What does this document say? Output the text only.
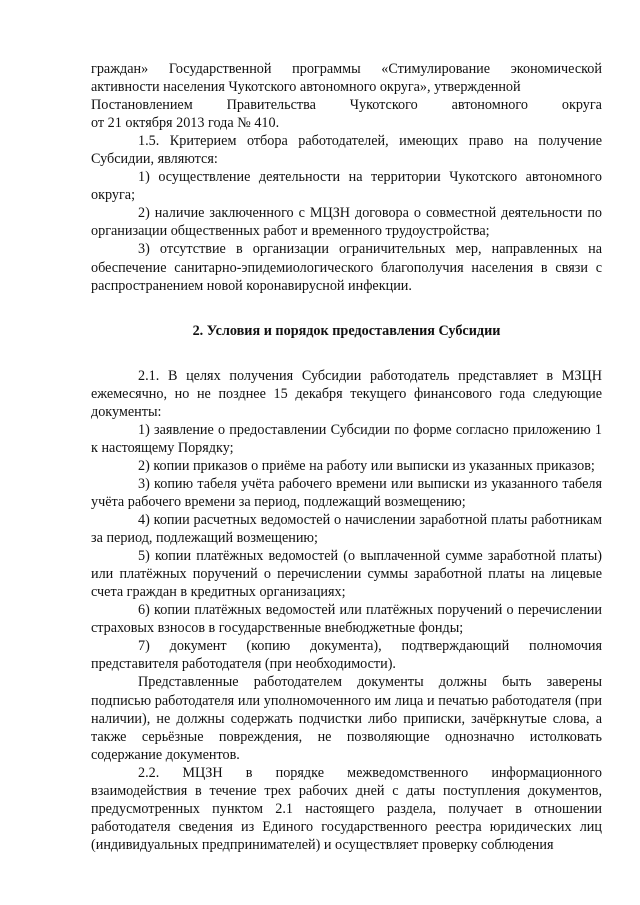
граждан» Государственной программы «Стимулирование экономической активности населения Чукотского автономного округа», утвержденной

Постановлением Правительства Чукотского автономного округа

от 21 октября 2013 года № 410.

1.5. Критерием отбора работодателей, имеющих право на получение Субсидии, являются:

1) осуществление деятельности на территории Чукотского автономного округа;

2) наличие заключенного с МЦЗН договора о совместной деятельности по организации общественных работ и временного трудоустройства;

3) отсутствие в организации ограничительных мер, направленных на обеспечение санитарно-эпидемиологического благополучия населения в связи с распространением новой коронавирусной инфекции.

2. Условия и порядок предоставления Субсидии

2.1. В целях получения Субсидии работодатель представляет в МЗЦН ежемесячно, но не позднее 15 декабря текущего финансового года следующие документы:

1) заявление о предоставлении Субсидии по форме согласно приложению 1 к настоящему Порядку;

2) копии приказов о приёме на работу или выписки из указанных приказов;

3) копию табеля учёта рабочего времени или выписки из указанного табеля учёта рабочего времени за период, подлежащий возмещению;

4) копии расчетных ведомостей о начислении заработной платы работникам за период, подлежащий возмещению;

5) копии платёжных ведомостей (о выплаченной сумме заработной платы) или платёжных поручений о перечислении суммы заработной платы на лицевые счета граждан в кредитных организациях;

6) копии платёжных ведомостей или платёжных поручений о перечислении страховых взносов в государственные внебюджетные фонды;

7) документ (копию документа), подтверждающий полномочия представителя работодателя (при необходимости).

Представленные работодателем документы должны быть заверены подписью работодателя или уполномоченного им лица и печатью работодателя (при наличии), не должны содержать подчистки либо приписки, зачёркнутые слова, а также серьёзные повреждения, не позволяющие однозначно истолковать содержание документов.

2.2. МЦЗН в порядке межведомственного информационного взаимодействия в течение трех рабочих дней с даты поступления документов, предусмотренных пунктом 2.1 настоящего раздела, получает в отношении работодателя сведения из Единого государственного реестра юридических лиц (индивидуальных предпринимателей) и осуществляет проверку соблюдения
